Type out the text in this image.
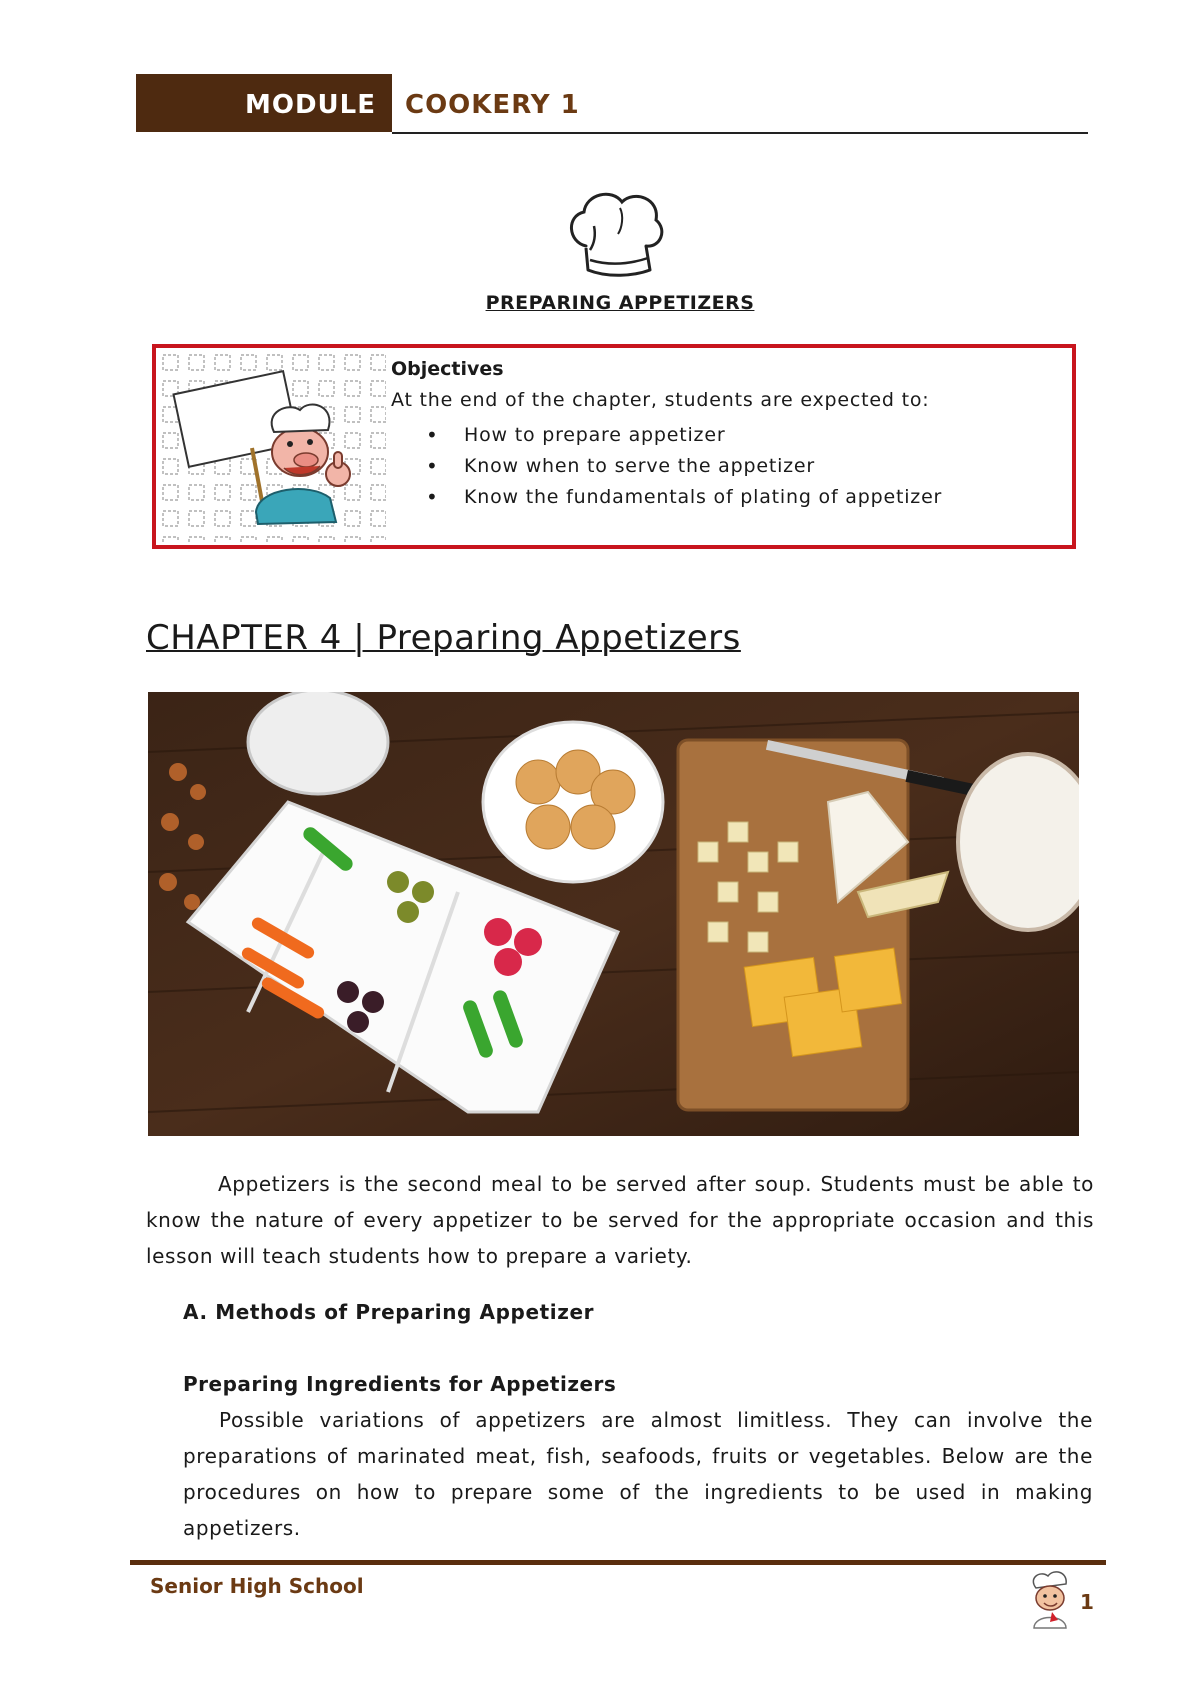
MODULE	COOKERY 1
PREPARING APPETIZERS
Objectives
At the end of the chapter, students are expected to:
• How to prepare appetizer
• Know when to serve the appetizer
• Know the fundamentals of plating of appetizer
CHAPTER 4 | Preparing Appetizers
Appetizers is the second meal to be served after soup. Students must be able to know the nature of every appetizer to be served for the appropriate occasion and this lesson will teach students how to prepare a variety.
A. Methods of Preparing Appetizer
Preparing Ingredients for Appetizers
Possible variations of appetizers are almost limitless. They can involve the preparations of marinated meat, fish, seafoods, fruits or vegetables. Below are the procedures on how to prepare some of the ingredients to be used in making appetizers.
Senior High School
1
